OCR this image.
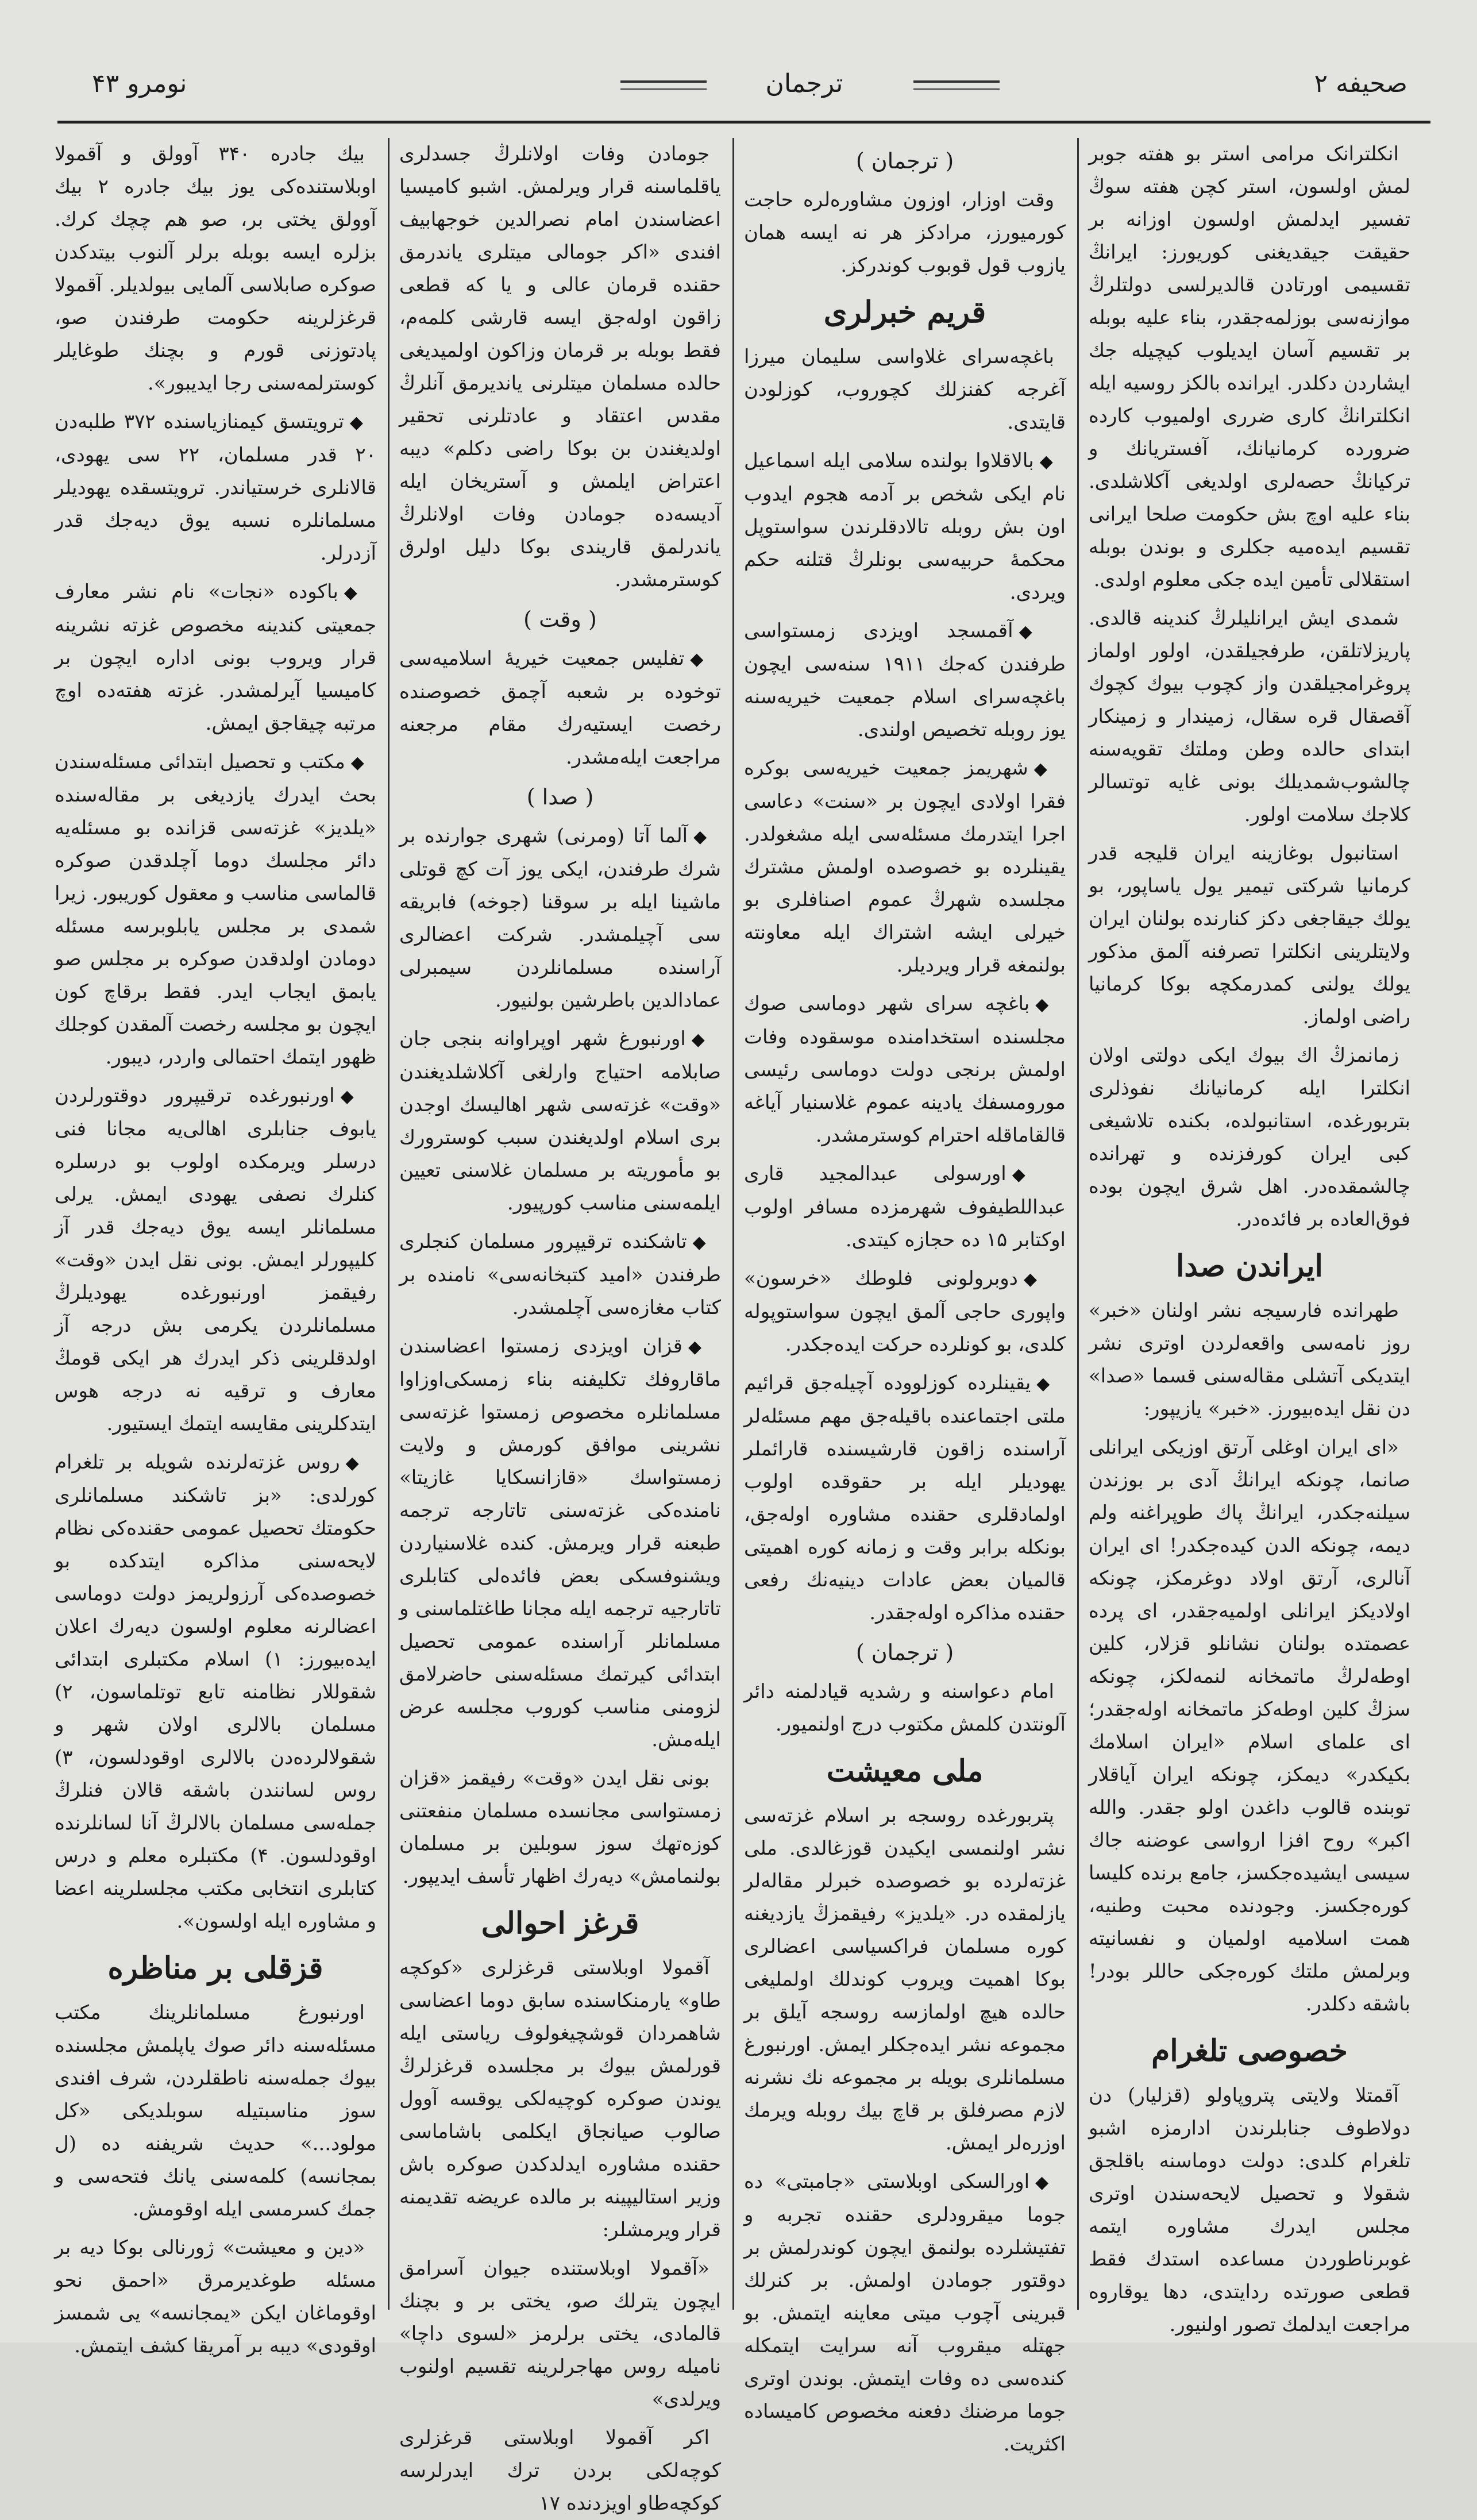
نومرو ۴۳	ترجمان	صحیفه ۲

انکلترانک مرامی استر بو هفته جوبر لمش اولسون، استر کچن هفته سوڭ تفسیر ایدلمش اولسون اوزانه بر حقیقت جیقدیغنی کوریورز: ایرانڭ تقسیمی اورتادن قالدیرلسی دولتلرڭ موازنه‌سی بوزلمه‌جقدر، بناء علیه بوبله بر تقسیم آسان ایدیلوب کیچیله جك ایشاردن دکلدر. ایرانده بالکز روسیه ایله انکلترانڭ کاری ضرری اولمیوب کارده ضرورده کرمانیانك، آفستریانك و ترکیانڭ حصه‌لری اولدیغی آکلاشلدی. بناء علیه اوچ بش حکومت صلحا ایرانی تقسیم ایده‌میه جکلری و بوندن بوبله استقلالی تأمین ایده‌ جکی معلوم اولدی.

شمدی ایش ایرانلیلرڭ کندینه قالدی. پاریزلاتلقن، طرفجیلقدن، اولور اولماز پروغرامجیلقدن واز کچوب بیوك کچوك آقصقال قره سقال، زمیندار و زمینکار ابتدای حالده وطن وملتك تقویه‌سنه چالشوب‌شمدیلك بونی غایه توتسالر کلاجك سلامت اولور.

استانبول بوغازینه ایران قلیجه قدر کرمانیا شرکتی تیمیر یول یاساپور، بو یولك جیقاجغی دکز کنارنده بولنان ایران ولایتلرینی انکلترا تصرفنه آلمق مذکور یولك یولنی کمدرمکچه بوکا کرمانیا راضی اولماز.

زمانمزڭ اك بیوك ایکی دولتی اولان انکلترا ایله کرمانیانك نفوذلری بتربورغده، استانبولده، بکنده تلاشیغی کبی ایران کورفزنده و تهرانده چالشمقده‌در. اهل شرق ایچون بوده فوق‌العاده بر فائده‌در.

ایراندن صدا

طهرانده فارسیجه نشر اولنان «خبر» روز نامه‌سی واقعه‌لردن اوتری نشر ایتدیکی آتشلی مقاله‌سنی قسما «صدا» دن نقل ایده‌بیورز. «خبر» یازیپور:

«ای ایران اوغلی آرتق اوزیکی ایرانلی صانما، چونکه ایرانڭ آدی بر بوزندن سیلنه‌جکدر، ایرانڭ پاك طوپراغنه ولم دیمه، چونکه الدن کیده‌جکدر! ای ایران آنالری، آرتق اولاد دوغرمکز، چونکه اولادیکز ایرانلی اولمیه‌جقدر، ای پرده عصمتده بولنان نشانلو قزلار، کلین اوطه‌لرڭ ماتمخانه لنمه‌لکز، چونکه سزڭ کلین اوطه‌کز ماتمخانه اوله‌جقدر؛ ای علمای اسلام «ایران اسلامك بکیکدر» دیمکز، چونکه ایران آیاقلار توبنده قالوب داغدن اولو جقدر. والله اکبر» روح افزا ارواسی عوضنه جاك سیسی ایشیده‌جکسز، جامع برنده کلیسا کوره‌جکسز. وجودنده محبت وطنیه، همت اسلامیه اولمیان و نفسانیته وبرلمش ملتك کوره‌جکی حاللر بودر! باشقه دکلدر.

خصوصی تلغرام

آقمتلا ولایتی پتروپاولو (قزلیار) دن دولاطوف جنابلرندن ادارمزه اشبو تلغرام کلدی: دولت دوماسنه باقلجق شقولا و تحصیل لایحه‌سندن اوتری مجلس ایدرك مشاوره ایتمه غوبرناطوردن مساعده استدك فقط قطعی صورتده ردایتدی، دها یوقاروه مراجعت ایدلمك تصور اولنیور.

( ترجمان )

وقت اوزار، اوزون مشاوره‌لره حاجت کورمیورز، مرادکز هر نه ایسه همان یازوب قول قوبوب کوندرکز.

قریم خبرلری

باغچه‌سرای غلاواسی سلیمان میرزا آغرجه کفنزلك کچوروب، کوزلودن قایتدی.

◆بالاقلاوا بولنده سلامی ایله اسماعیل نام ایکی شخص بر آدمه هجوم ایدوب اون بش روبله تالادقلرندن سواستوپل محکمهٔ حربیه‌سی بونلرڭ قتلنه حکم ویردی.

◆آقمسجد اویزدی زمستواسی طرفندن که‌جك ۱۹۱۱ سنه‌سی ایچون باغچه‌سرای اسلام جمعیت خیریه‌سنه یوز روبله تخصیص اولندی.

◆شهریمز جمعیت خیریه‌سی بوکره فقرا اولادی ایچون بر «سنت» دعاسی اجرا ایتدرمك مسئله‌سی ایله مشغولدر. یقینلرده بو خصوصده اولمش مشترك مجلسده شهرڭ عموم اصنافلری بو خیرلی ایشه اشتراك ایله معاونته بولنمغه قرار ویردیلر.

◆باغچه سرای شهر دوماسی صوك مجلسنده استخدامنده موسقوده وفات اولمش برنجی دولت دوماسی رئیسی مورومسفك یادینه عموم غلاسنیار آیاغه قالقاماقله احترام کوسترمشدر.

◆اورسولی عبدالمجید قاری عبداللطیفوف شهرمزده مسافر اولوب اوکتابر ۱۵ ده حجازه کیتدی.

◆دوبرولونی فلوطك «خرسون» واپوری حاجی آلمق ایچون سواستوپوله کلدی، بو کونلرده حرکت ایده‌جکدر.

◆یقینلرده کوزلووده آچیله‌جق قرائیم ملتی اجتماعنده باقیله‌جق مهم مسئله‌لر آراسنده زاقون قارشیسنده قارائملر یهودیلر ایله بر حقوقده اولوب اولمادقلری حقنده مشاوره اوله‌جق، بونکله برابر وقت و زمانه کوره اهمیتی قالمیان بعض عادات دینیه‌نك رفعی حقنده مذاکره اوله‌جقدر.

( ترجمان )

امام دعواسنه و رشدیه قیادلمنه دائر آلونتدن کلمش مکتوب درج اولنمیور.

ملی معیشت

پتربورغده روسجه بر اسلام غزته‌سی نشر اولنمسی ایکیدن قوزغالدی. ملی غزته‌لرده بو خصوصده خبرلر مقاله‌لر یازلمقده در. «یلدیز» رفیقمزڭ یازدیغنه کوره مسلمان فراکسیاسی اعضالری بوکا اهمیت ویروب کوندلك اولملیغی حالده هیچ اولمازسه روسجه آیلق بر مجموعه نشر ایده‌جکلر ایمش. اورنبورغ مسلمانلری بویله بر مجموعه نك نشرنه لازم مصرفلق بر قاچ بیك روبله ویرمك اوزره‌لر ایمش.

◆اورالسکی اوبلاستی «جامبتی» ده جوما میقرودلری حقنده تجربه و تفتیشلرده بولنمق ایچون کوندرلمش بر دوقتور جومادن اولمش. بر کنرلك قبرینی آچوب میتی معاینه ایتمش. بو جهتله میقروب آنه سرایت ایتمکله کنده‌سی ده وفات ایتمش. بوندن اوتری جوما مرضنك دفعنه مخصوص کامیساده اکثریت.

جومادن وفات اولانلرڭ جسدلری یاقلماسنه قرار ویرلمش. اشبو کامیسیا اعضاسندن امام نصرالدین خوجهابیف افندی «اکر جومالی میتلری یاندرمق حقنده قرمان عالی و یا که قطعی زاقون اوله‌جق ایسه قارشی کلمه‌م، فقط بوبله بر قرمان وزاکون اولمیدیغی حالده مسلمان میتلرنی یاندیرمق آنلرڭ مقدس اعتقاد و عادتلرنی تحقیر اولدیغندن بن بوکا راضی دکلم» دیبه اعتراض ایلمش و آستریخان ایله آدیسه‌ده جومادن وفات اولانلرڭ یاندرلمق قاریندی بوکا دلیل اولرق کوسترمشدر.

( وقت )

◆تفلیس جمعیت خیریهٔ اسلامیه‌سی توخوده بر شعبه آچمق خصوصنده رخصت ایستیه‌رك مقام مرجعنه مراجعت ایله‌مشدر.

( صدا )

◆آلما آتا (ومرنی) شهری جوارنده بر شرك طرفندن، ایکی یوز آت کچ قوتلی ماشینا ایله بر سوقنا (جوخه) فابریقه سی آچیلمشدر. شرکت اعضالری آراسنده مسلمانلردن سیمبرلی عمادالدین باطرشین بولنیور.

◆اورنبورغ شهر اوپراوانه بنجی جان صابلامه احتیاج وارلغی آکلاشلدیغندن «وقت» غزته‌سی شهر اهالیسك اوجدن بری اسلام اولدیغندن سبب کوسترورك بو مأموریته بر مسلمان غلاسنی تعیین ایلمه‌سنی مناسب کورپیور.

◆تاشکنده ترقیپرور مسلمان کنجلری طرفندن «امید کتبخانه‌سی» نامنده بر کتاب مغازه‌سی آچلمشدر.

◆قزان اویزدی زمستوا اعضاسندن ماقاروفك تکلیفنه بناء زمسکی‌اوزاوا مسلمانلره مخصوص زمستوا غزته‌سی نشرینی موافق کورمش و ولایت زمستواسك «قازانسکایا غازیتا» نامنده‌کی غزته‌سنی تاتارجه ترجمه طبعنه قرار ویرمش. کنده غلاسنیاردن ویشنوفسکی بعض فائده‌لی کتابلری تاتارجیه ترجمه ایله مجانا طاغتلماسنی و مسلمانلر آراسنده عمومی تحصیل ابتدائی کیرتمك مسئله‌سنی حاضرلامق لزومنی مناسب کوروب مجلسه عرض ایله‌مش.

بونی نقل ایدن «وقت» رفیقمز «قزان زمستواسی مجانسده مسلمان منفعتنی کوزه‌تهك سوز سوبلین بر مسلمان بولنمامش» دیه‌رك اظهار تأسف ایدیپور.

قرغز احوالی

آقمولا اوبلاستی قرغزلری «کوکچه طاو» یارمنکاسنده سابق دوما اعضاسی شاهمردان قوشچیغولوف ریاستی ایله قورلمش بیوك بر مجلسده قرغزلرڭ یوندن صوکره کوچیه‌لکی یوقسه آوول صالوب صیانجاق ایکلمی باشاماسی حقنده مشاوره ایدلدکدن صوکره باش وزیر استالیپینه بر مالده عریضه تقدیمنه قرار ویرمشلر:

«آقمولا اوبلاستنده جیوان آسرامق ایچون یترلك صو، یختی بر و بچنك قالمادی، یختی برلرمز «لسوی داچا» نامیله روس مهاجرلرینه تقسیم اولنوب ویرلدی»

اکر آقمولا اوبلاستی قرغزلری کوچه‌لکی بردن ترك ایدرلرسه کوکچه‌طاو اویزدنده ۱۷

بیك جادره ۳۴۰ آوولق و آقمولا اوبلاستنده‌کی یوز بیك جادره ۲ بیك آوولق یختی بر، صو هم چچك کرك. بزلره ایسه بوبله برلر آلنوب بیتدکدن صوکره صابلاسی آلمایی بیولدیلر. آقمولا قرغزلرینه حکومت طرفندن صو، پادتوزنی قورم و بچنك طوغایلر کوسترلمه‌سنی رجا ایدیبور».

◆ترویتسق کیمنازیاسنده ۳۷۲ طلبه‌دن ۲۰ قدر مسلمان، ۲۲ سی یهودی، قالانلری خرستیاندر. ترویتسقده یهودیلر مسلمانلره نسبه یوق دیه‌جك قدر آزدرلر.

◆باکوده «نجات» نام نشر معارف جمعیتی کندینه مخصوص غزته نشرینه قرار ویروب بونی اداره ایچون بر کامیسیا آیرلمشدر. غزته هفته‌ده اوچ مرتبه چیقاجق ایمش.

◆مکتب و تحصیل ابتدائی مسئله‌سندن بحث ایدرك یازدیغی بر مقاله‌سنده «یلدیز» غزته‌سی قزانده بو مسئله‌یه دائر مجلسك دوما آچلدقدن صوکره قالماسی مناسب و معقول کوریبور. زیرا شمدی بر مجلس یابلوبرسه مسئله دومادن اولدقدن صوکره بر مجلس صو یابمق ایجاب ایدر. فقط برقاچ کون ایچون بو مجلسه رخصت آلمقدن کوجلك ظهور ایتمك احتمالی واردر، دیبور.

◆اورنبورغده ترقیپرور دوقتورلردن یابوف جنابلری اهالی‌یه مجانا فنی درسلر ویرمکده اولوب بو درسلره کنلرك نصفی یهودی ایمش. یرلی مسلمانلر ایسه یوق دیه‌جك قدر آز کلیپورلر ایمش. بونی نقل ایدن «وقت» رفیقمز اورنبورغده یهودیلرڭ مسلمانلردن یکرمی بش درجه آز اولدقلرینی ذکر ایدرك هر ایکی قومڭ معارف و ترقیه نه درجه هوس ایتدکلرینی مقایسه ایتمك ایستیور.

◆روس غزته‌لرنده شویله بر تلغرام کورلدی: «بز تاشکند مسلمانلری حکومتك تحصیل عمومی حقنده‌کی نظام لایحه‌سنی مذاکره ایتدکده بو خصوصده‌کی آرزولریمز دولت دوماسی اعضالرنه معلوم اولسون دیه‌رك اعلان ایده‌بیورز: ۱) اسلام مکتبلری ابتدائی شقوللار نظامنه تابع توتلماسون، ۲) مسلمان بالالری اولان شهر و شقولالرده‌دن بالالری اوقودلسون، ۳) روس لسانندن باشقه قالان فنلرڭ جمله‌سی مسلمان بالالرڭ آنا لسانلرنده اوقودلسون. ۴) مکتبلره معلم و درس کتابلری انتخابی مکتب مجلسلرینه اعضا و مشاوره ایله اولسون».

قزقلی بر مناظره

اورنبورغ مسلمانلرینك مکتب مسئله‌سنه دائر صوك یاپلمش مجلسنده بیوك جمله‌سنه ناطقلردن، شرف افندی سوز مناسبتیله سوبلدیکی «کل مولود...» حدیث شریفنه ده (ل بمجانسه) کلمه‌سنی یانك فتحه‌سی و جمك کسرمسی ایله اوقومش.

«دین و معیشت» ژورنالی بوکا دیه بر مسئله طوغدیرمرق «احمق نحو اوقوماغان ایکن «یمجانسه» یی شمسز اوقودی» دیبه بر آمریقا کشف ایتمش.
